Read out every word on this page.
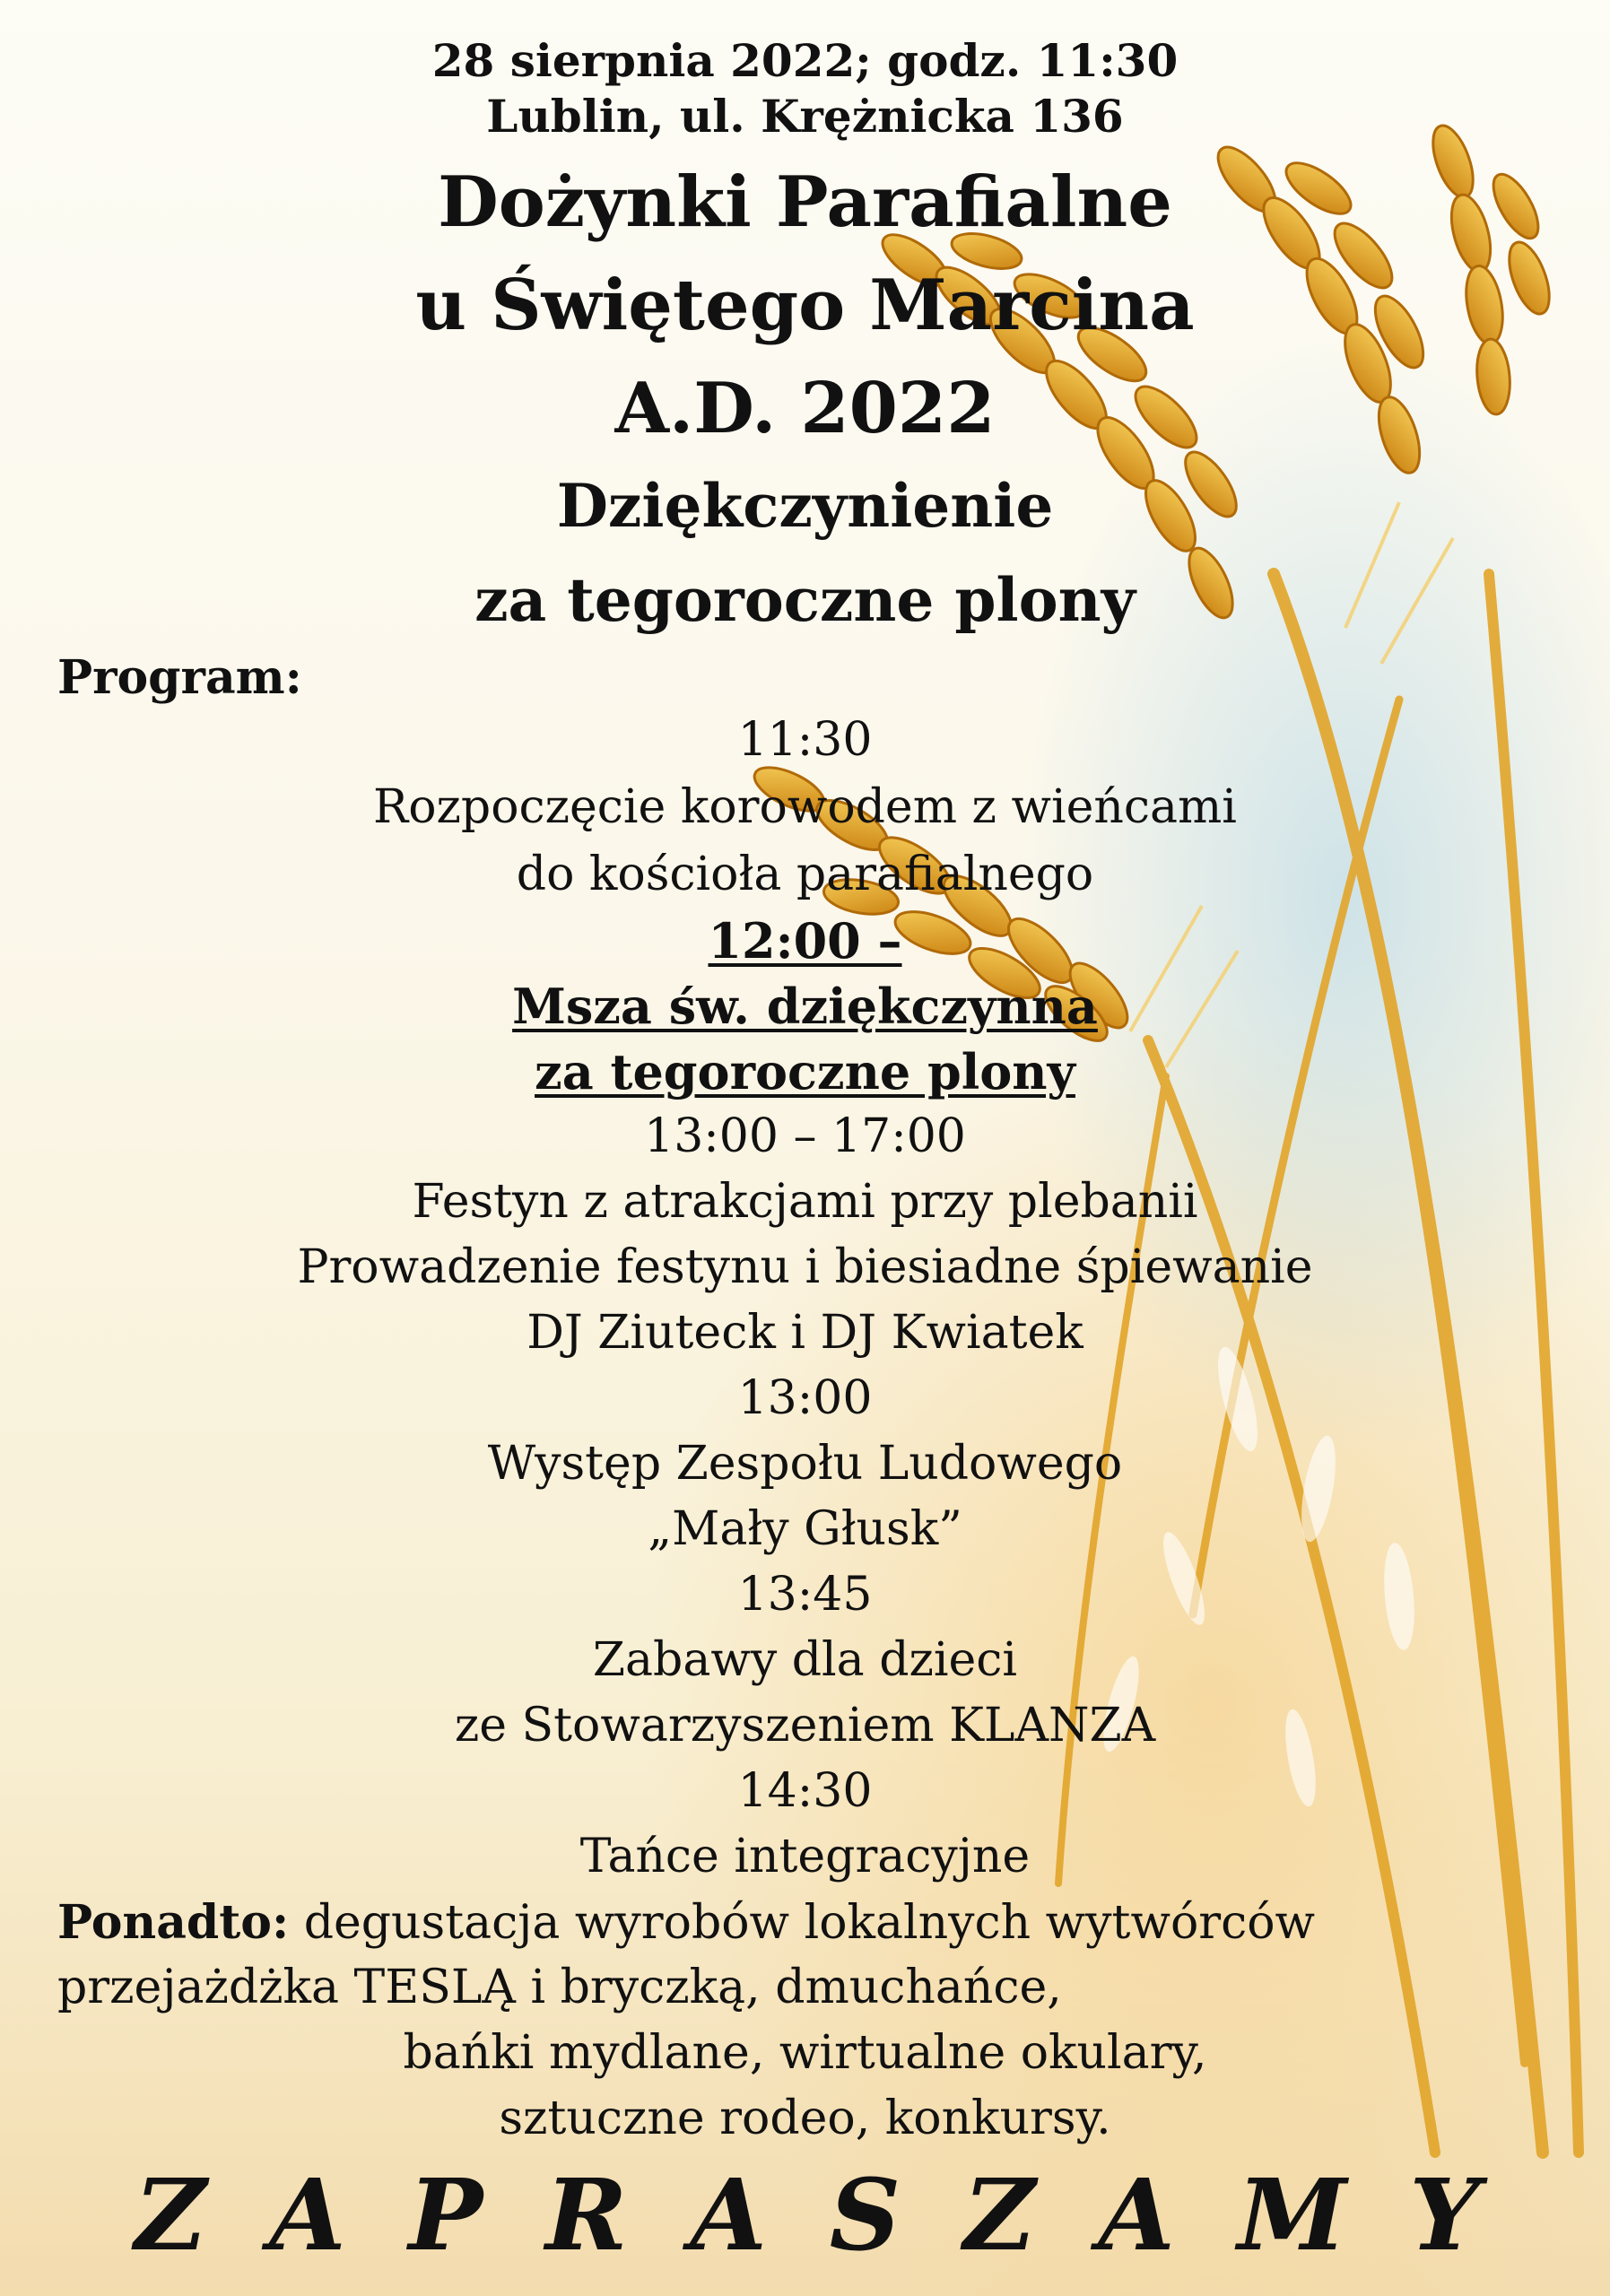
28 sierpnia 2022; godz. 11:30
Lublin, ul. Krężnicka 136
Dożynki Parafialne
u Świętego Marcina
A.D. 2022
Dziękczynienie
za tegoroczne plony
Program:
11:30
Rozpoczęcie korowodem z wieńcami
do kościoła parafialnego
12:00 –
Msza św. dziękczynna
za tegoroczne plony
13:00 – 17:00
Festyn z atrakcjami przy plebanii
Prowadzenie festynu i biesiadne śpiewanie
DJ Ziuteck i DJ Kwiatek
13:00
Występ Zespołu Ludowego
„Mały Głusk”
13:45
Zabawy dla dzieci
ze Stowarzyszeniem KLANZA
14:30
Tańce integracyjne
Ponadto: degustacja wyrobów lokalnych wytwórców
przejażdżka TESLĄ i bryczką, dmuchańce,
bańki mydlane, wirtualne okulary,
sztuczne rodeo, konkursy.
Z A P R A S Z A M Y
